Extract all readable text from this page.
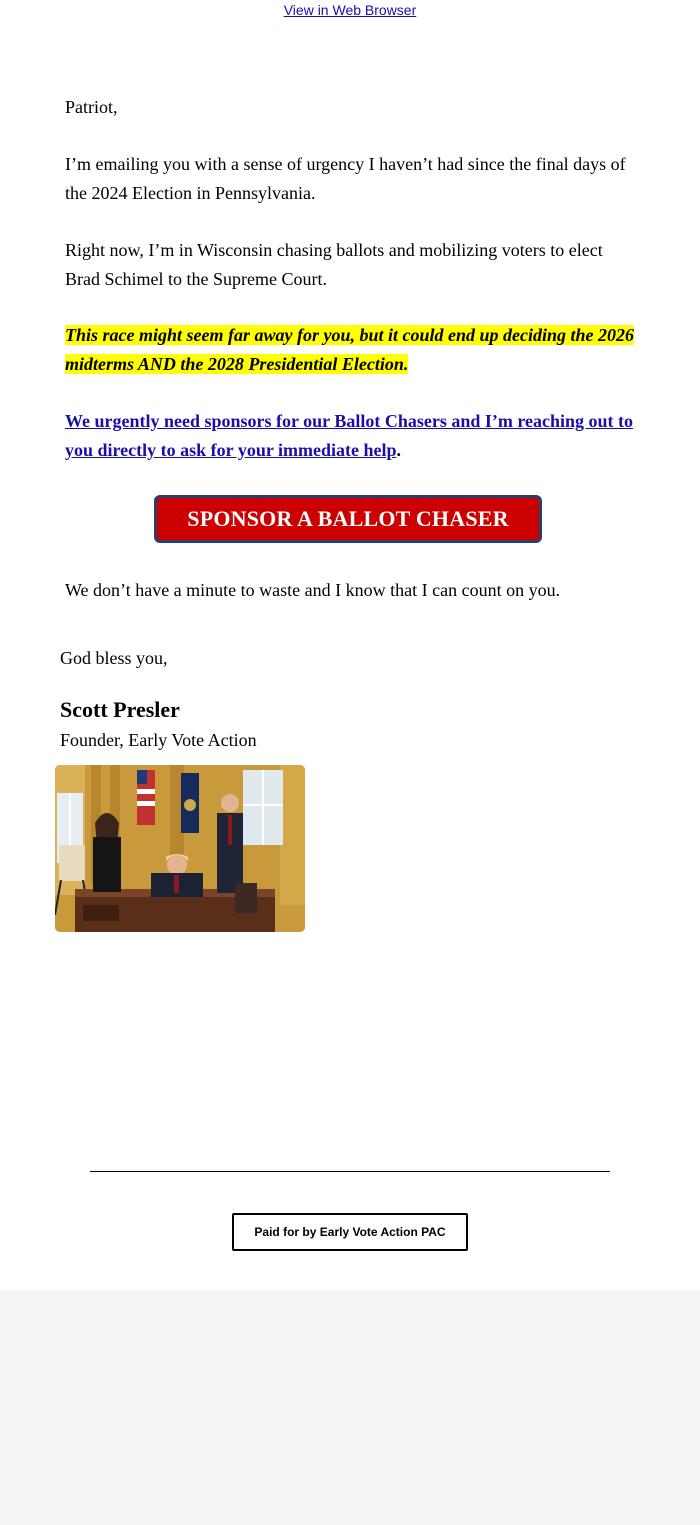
View in Web Browser

Patriot,

I’m emailing you with a sense of urgency I haven’t had since the final days of the 2024 Election in Pennsylvania.

Right now, I’m in Wisconsin chasing ballots and mobilizing voters to elect Brad Schimel to the Supreme Court.

This race might seem far away for you, but it could end up deciding the 2026 midterms AND the 2028 Presidential Election.

We urgently need sponsors for our Ballot Chasers and I’m reaching out to you directly to ask for your immediate help.

SPONSOR A BALLOT CHASER

We don’t have a minute to waste and I know that I can count on you.

God bless you,
Scott Presler
Founder, Early Vote Action
Paid for by Early Vote Action PAC
